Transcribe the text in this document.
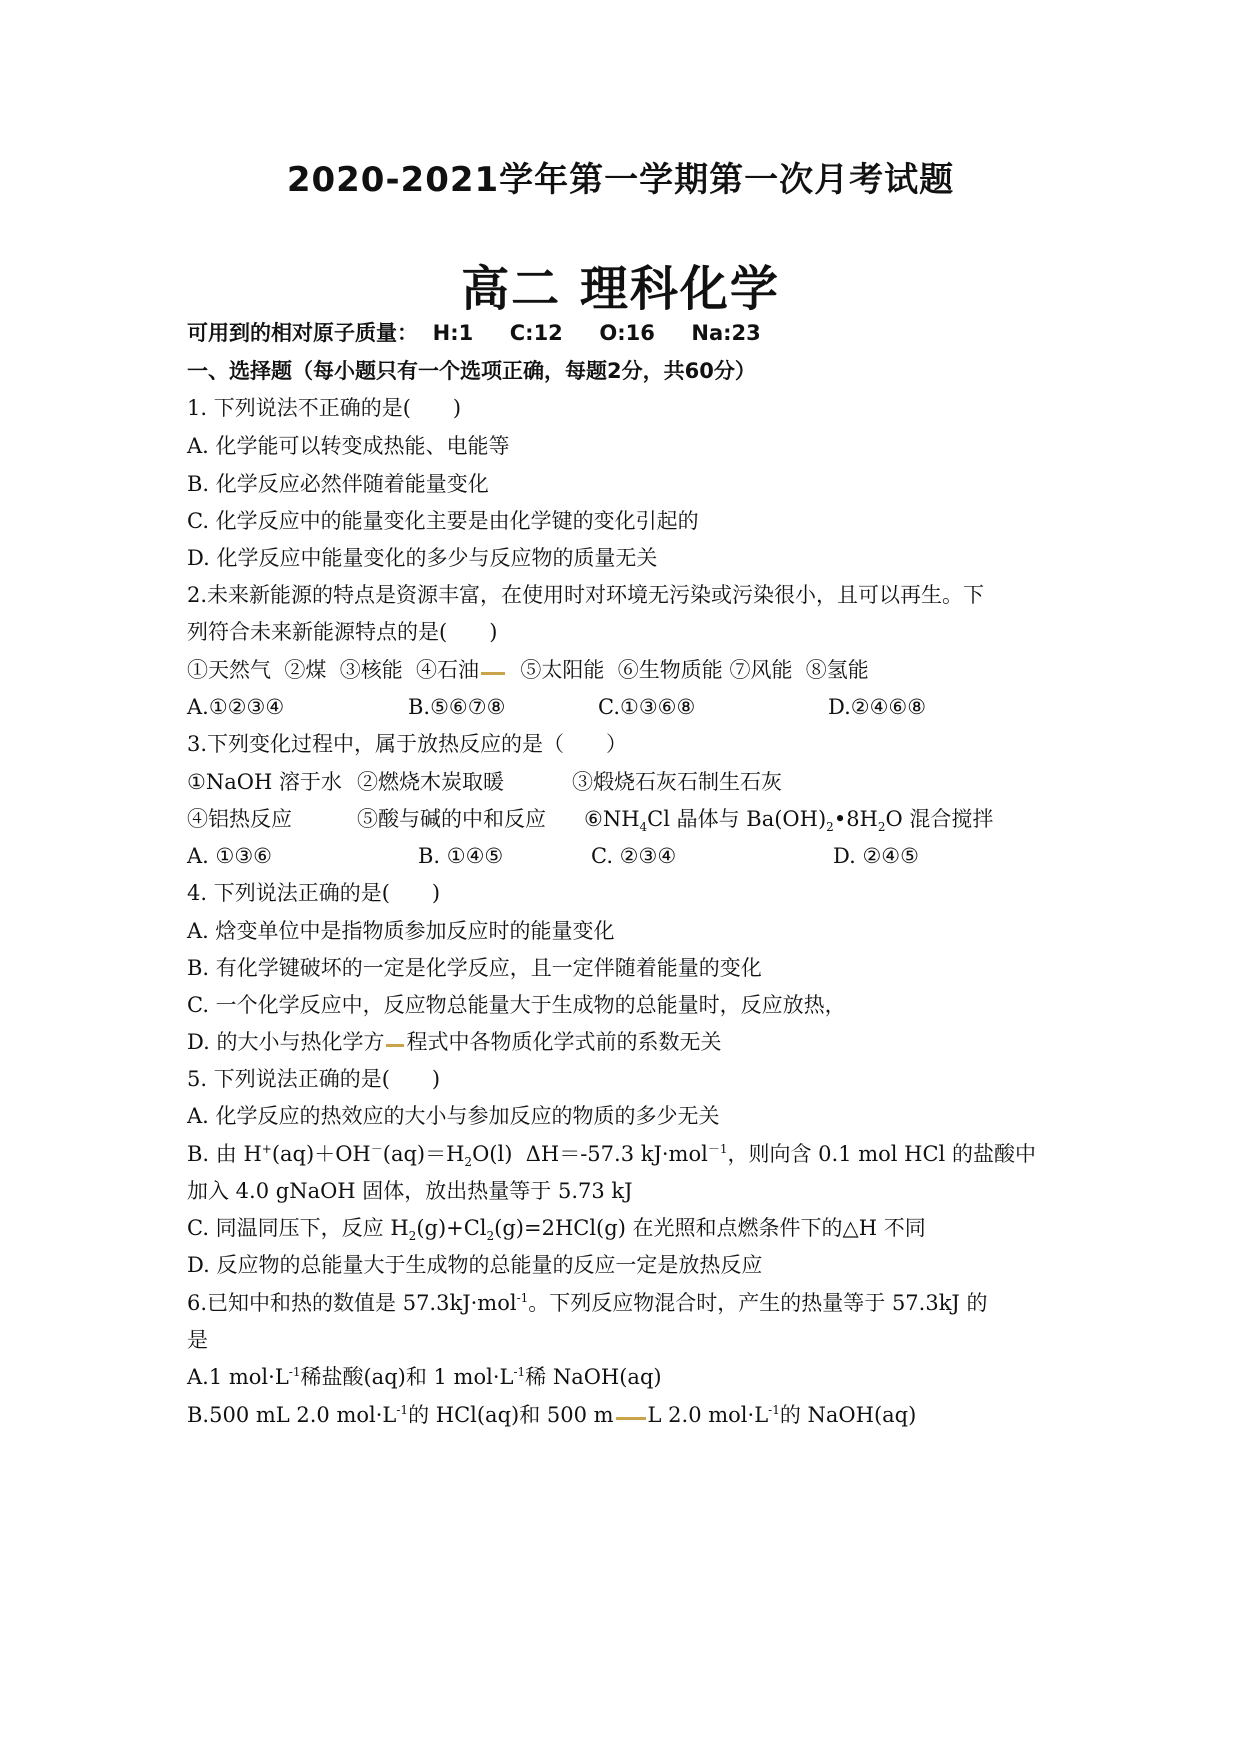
2020-2021学年第一学期第一次月考试题
高二 理科化学
可用到的相对原子质量：  H:1     C:12     O:16     Na:23
一、选择题（每小题只有一个选项正确，每题2分，共60分）
1. 下列说法不正确的是(　　)
A. 化学能可以转变成热能、电能等
B. 化学反应必然伴随着能量变化
C. 化学反应中的能量变化主要是由化学键的变化引起的
D. 化学反应中能量变化的多少与反应物的质量无关
2.未来新能源的特点是资源丰富，在使用时对环境无污染或污染很小，且可以再生。下
列符合未来新能源特点的是(　　)
①天然气  ②煤  ③核能  ④石油 ⑤太阳能  ⑥生物质能 ⑦风能  ⑧氢能
A.①②③④	B.⑤⑥⑦⑧	C.①③⑥⑧	D.②④⑥⑧
3.下列变化过程中，属于放热反应的是（　　）
①NaOH 溶于水 ②燃烧木炭取暖	③煅烧石灰石制生石灰
④铝热反应	⑤酸与碱的中和反应 $⑥NH_4Cl$ 晶体与 $Ba(OH)_2•8H_2O$ 混合搅拌
A. ①③⑥	B. ①④⑤	C. ②③④	D. ②④⑤
4. 下列说法正确的是(　　)
A. 焓变单位中是指物质参加反应时的能量变化
B. 有化学键破坏的一定是化学反应，且一定伴随着能量的变化
C. 一个化学反应中，反应物总能量大于生成物的总能量时，反应放热，
D. 的大小与热化学方 程式中各物质化学式前的系数无关
5. 下列说法正确的是(　　)
A. 化学反应的热效应的大小与参加反应的物质的多少无关
B. 由 $H^+(aq)+OH^-(aq)=H_2O(l)$  ΔH＝-57.3 kJ·mol$^{-1}$，则向含 0.1 mol HCl 的盐酸中
加入 4.0 gNaOH 固体，放出热量等于 5.73 kJ
C. 同温同压下，反应 $H_2(g)+Cl_2(g)=2HCl(g)$ 在光照和点燃条件下的△H 不同
D. 反应物的总能量大于生成物的总能量的反应一定是放热反应
6.已知中和热的数值是 57.3kJ·mol$^{-1}$。下列反应物混合时，产生的热量等于 57.3kJ 的
是
A.1 $mol\cdot L^{-1}$稀盐酸(aq)和 1 $mol\cdot L^{-1}$稀 NaOH(aq)
B.500 mL 2.0 $mol\cdot L^{-1}$的 HCl(aq)和 500 m L 2.0 $mol\cdot L^{-1}$的 NaOH(aq)
